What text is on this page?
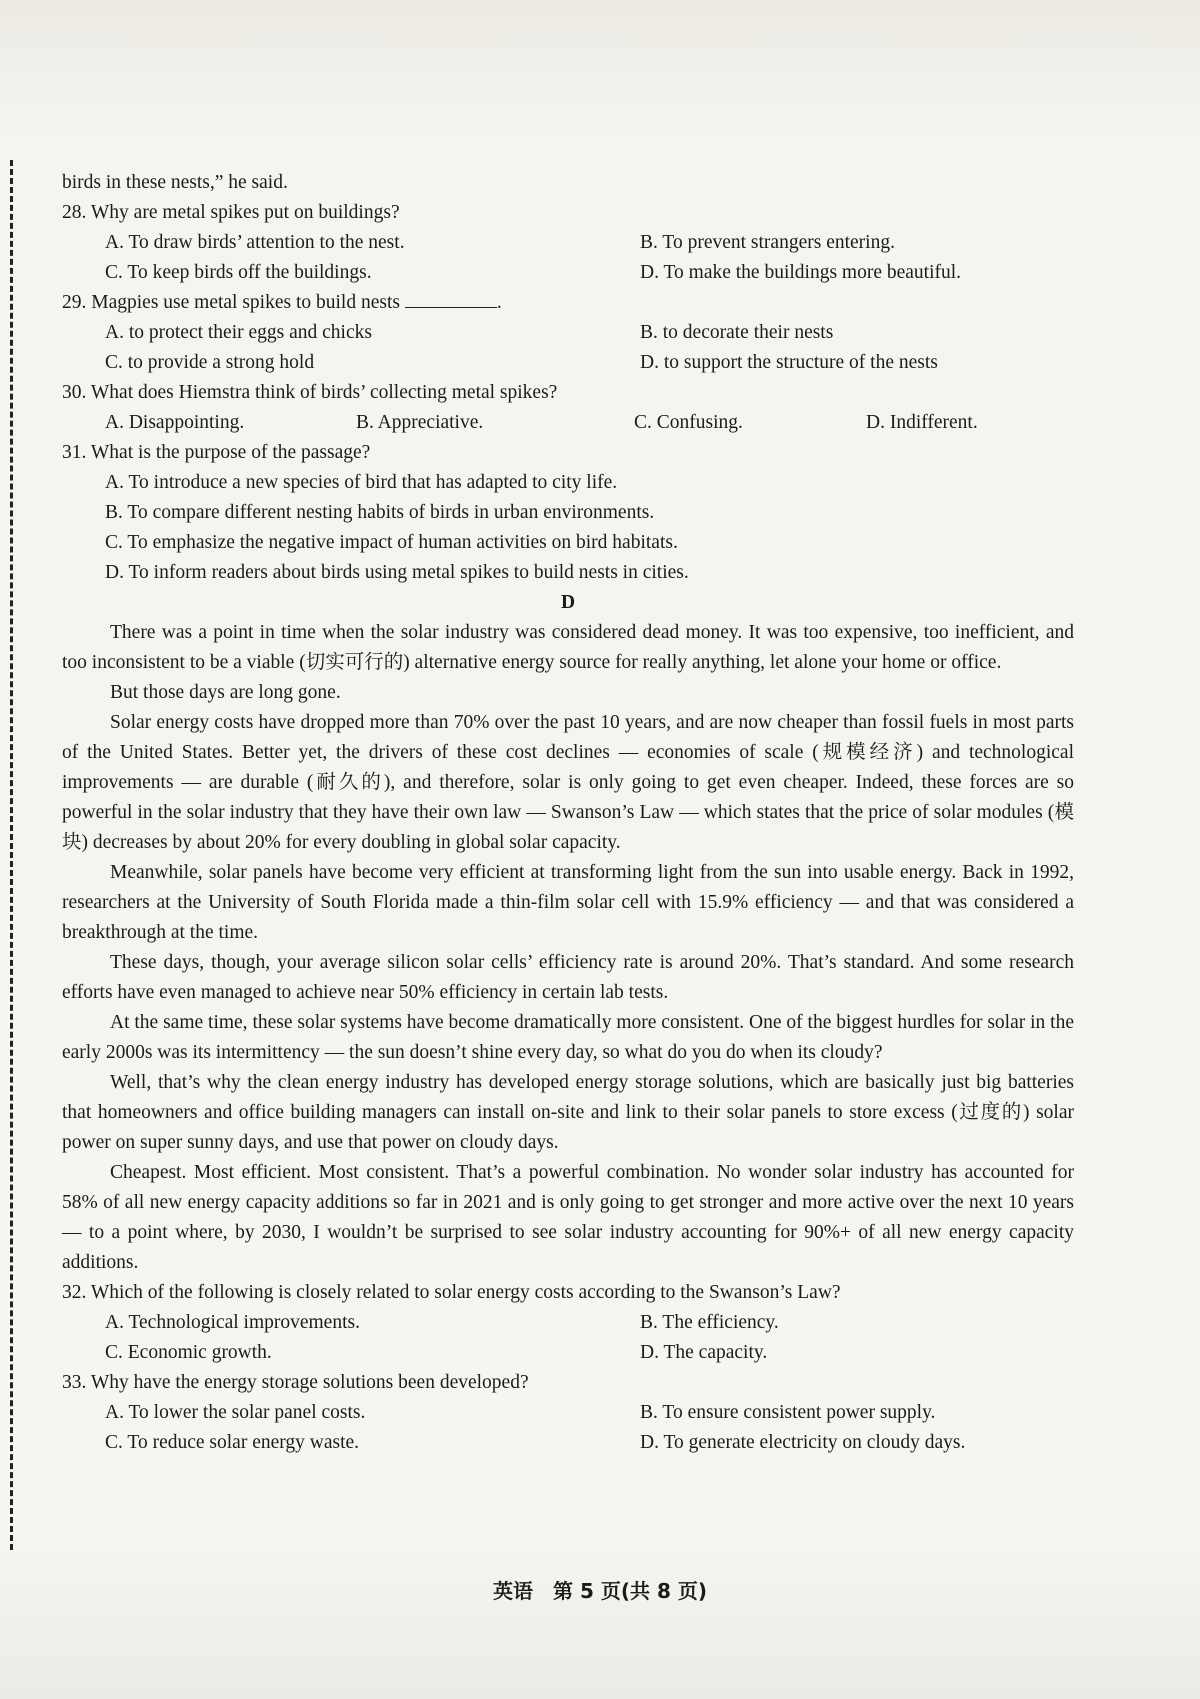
birds in these nests,” he said.
28. Why are metal spikes put on buildings?
A. To draw birds’ attention to the nest.	B. To prevent strangers entering.
C. To keep birds off the buildings.	D. To make the buildings more beautiful.
29. Magpies use metal spikes to build nests	.
A. to protect their eggs and chicks	B. to decorate their nests
C. to provide a strong hold	D. to support the structure of the nests
30. What does Hiemstra think of birds’ collecting metal spikes?
A. Disappointing.	B. Appreciative.	C. Confusing.	D. Indifferent.
31. What is the purpose of the passage?
A. To introduce a new species of bird that has adapted to city life.
B. To compare different nesting habits of birds in urban environments.
C. To emphasize the negative impact of human activities on bird habitats.
D. To inform readers about birds using metal spikes to build nests in cities.
D

There was a point in time when the solar industry was considered dead money. It was too expensive, too inefficient, and too inconsistent to be a viable (切实可行的) alternative energy source for really anything, let alone your home or office.

But those days are long gone.

Solar energy costs have dropped more than 70% over the past 10 years, and are now cheaper than fossil fuels in most parts of the United States. Better yet, the drivers of these cost declines — economies of scale (规模经济) and technological improvements — are durable (耐久的), and therefore, solar is only going to get even cheaper. Indeed, these forces are so powerful in the solar industry that they have their own law — Swanson’s Law — which states that the price of solar modules (模块) decreases by about 20% for every doubling in global solar capacity.

Meanwhile, solar panels have become very efficient at transforming light from the sun into usable energy. Back in 1992, researchers at the University of South Florida made a thin-film solar cell with 15.9% efficiency — and that was considered a breakthrough at the time.

These days, though, your average silicon solar cells’ efficiency rate is around 20%. That’s standard. And some research efforts have even managed to achieve near 50% efficiency in certain lab tests.

At the same time, these solar systems have become dramatically more consistent. One of the biggest hurdles for solar in the early 2000s was its intermittency — the sun doesn’t shine every day, so what do you do when its cloudy?

Well, that’s why the clean energy industry has developed energy storage solutions, which are basically just big batteries that homeowners and office building managers can install on-site and link to their solar panels to store excess (过度的) solar power on super sunny days, and use that power on cloudy days.

Cheapest. Most efficient. Most consistent. That’s a powerful combination. No wonder solar industry has accounted for 58% of all new energy capacity additions so far in 2021 and is only going to get stronger and more active over the next 10 years — to a point where, by 2030, I wouldn’t be surprised to see solar industry accounting for 90%+ of all new energy capacity additions.

32. Which of the following is closely related to solar energy costs according to the Swanson’s Law?
A. Technological improvements.	B. The efficiency.
C. Economic growth.	D. The capacity.
33. Why have the energy storage solutions been developed?
A. To lower the solar panel costs.	B. To ensure consistent power supply.
C. To reduce solar energy waste.	D. To generate electricity on cloudy days.
英语　第 5 页(共 8 页)
